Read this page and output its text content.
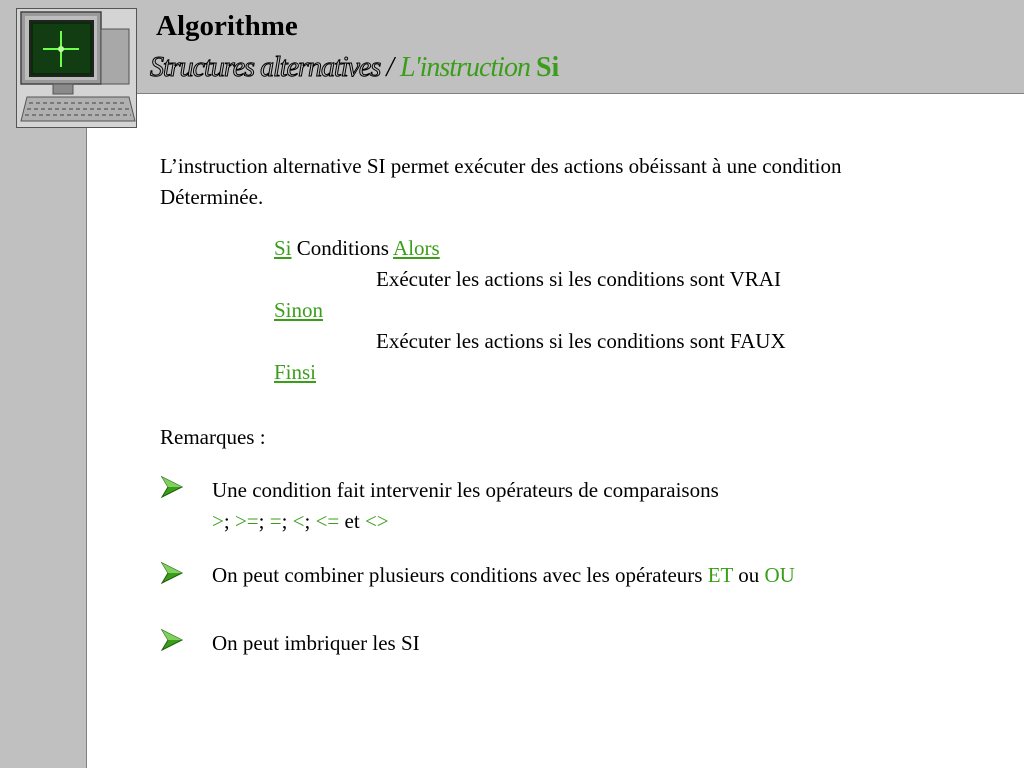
Algorithme
Structures alternatives / L'instruction Si
L’instruction alternative SI permet exécuter des actions obéissant à une condition
Déterminée.
Si Conditions Alors
Exécuter les actions si les conditions sont VRAI
Sinon
Exécuter les actions si les conditions sont FAUX
Finsi
Remarques :
Une condition fait intervenir les opérateurs de comparaisons
>; >=; =; <; <= et <>
On peut combiner plusieurs conditions avec les opérateurs ET ou OU
On peut imbriquer les SI
